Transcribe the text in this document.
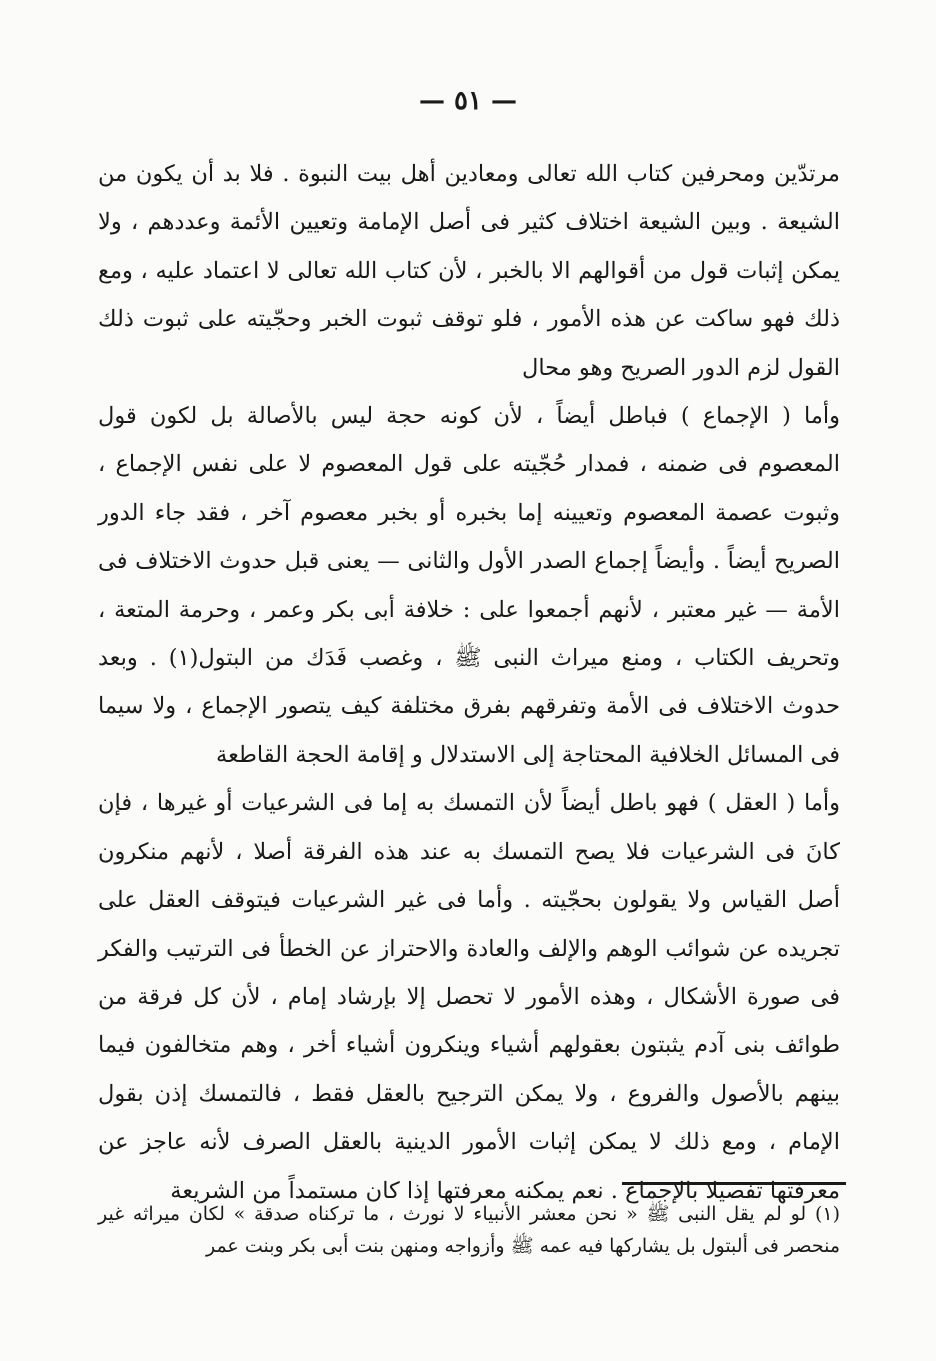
— ٥١ —

مرتدّين ومحرفين كتاب الله تعالى ومعادين أهل بيت النبوة . فلا بد أن يكون من الشيعة . وبين الشيعة اختلاف كثير فى أصل الإمامة وتعيين الأئمة وعددهم ، ولا يمكن إثبات قول من أقوالهم الا بالخبر ، لأن كتاب الله تعالى لا اعتماد عليه ، ومع ذلك فهو ساكت عن هذه الأمور ، فلو توقف ثبوت الخبر وحجّيته على ثبوت ذلك القول لزم الدور الصريح وهو محال

وأما ( الإجماع ) فباطل أيضاً ، لأن كونه حجة ليس بالأصالة بل لكون قول المعصوم فى ضمنه ، فمدار حُجّيته على قول المعصوم لا على نفس الإجماع ، وثبوت عصمة المعصوم وتعيينه إما بخبره أو بخبر معصوم آخر ، فقد جاء الدور الصريح أيضاً . وأيضاً إجماع الصدر الأول والثانى — يعنى قبل حدوث الاختلاف فى الأمة — غير معتبر ، لأنهم أجمعوا على : خلافة أبى بكر وعمر ، وحرمة المتعة ، وتحريف الكتاب ، ومنع ميراث النبى ﷺ ، وغصب فَدَك من البتول(١) . وبعد حدوث الاختلاف فى الأمة وتفرقهم بفرق مختلفة كيف يتصور الإجماع ، ولا سيما فى المسائل الخلافية المحتاجة إلى الاستدلال و إقامة الحجة القاطعة

وأما ( العقل ) فهو باطل أيضاً لأن التمسك به إما فى الشرعيات أو غيرها ، فإن كانَ فى الشرعيات فلا يصح التمسك به عند هذه الفرقة أصلا ، لأنهم منكرون أصل القياس ولا يقولون بحجّيته . وأما فى غير الشرعيات فيتوقف العقل على تجريده عن شوائب الوهم والإلف والعادة والاحتراز عن الخطأ فى الترتيب والفكر فى صورة الأشكال ، وهذه الأمور لا تحصل إلا بإرشاد إمام ، لأن كل فرقة من طوائف بنى آدم يثبتون بعقولهم أشياء وينكرون أشياء أخر ، وهم متخالفون فيما بينهم بالأصول والفروع ، ولا يمكن الترجيح بالعقل فقط ، فالتمسك إذن بقول الإمام ، ومع ذلك لا يمكن إثبات الأمور الدينية بالعقل الصرف لأنه عاجز عن معرفتها تفصيلا بالإجماع . نعم يمكنه معرفتها إذا كان مستمداً من الشريعة

(١) لو لم يقل النبى ﷺ « نحن معشر الأنبياء لا نورث ، ما تركناه صدقة » لكان ميراثه غير منحصر فى ألبتول بل يشاركها فيه عمه ﷺ وأزواجه ومنهن بنت أبى بكر وبنت عمر
